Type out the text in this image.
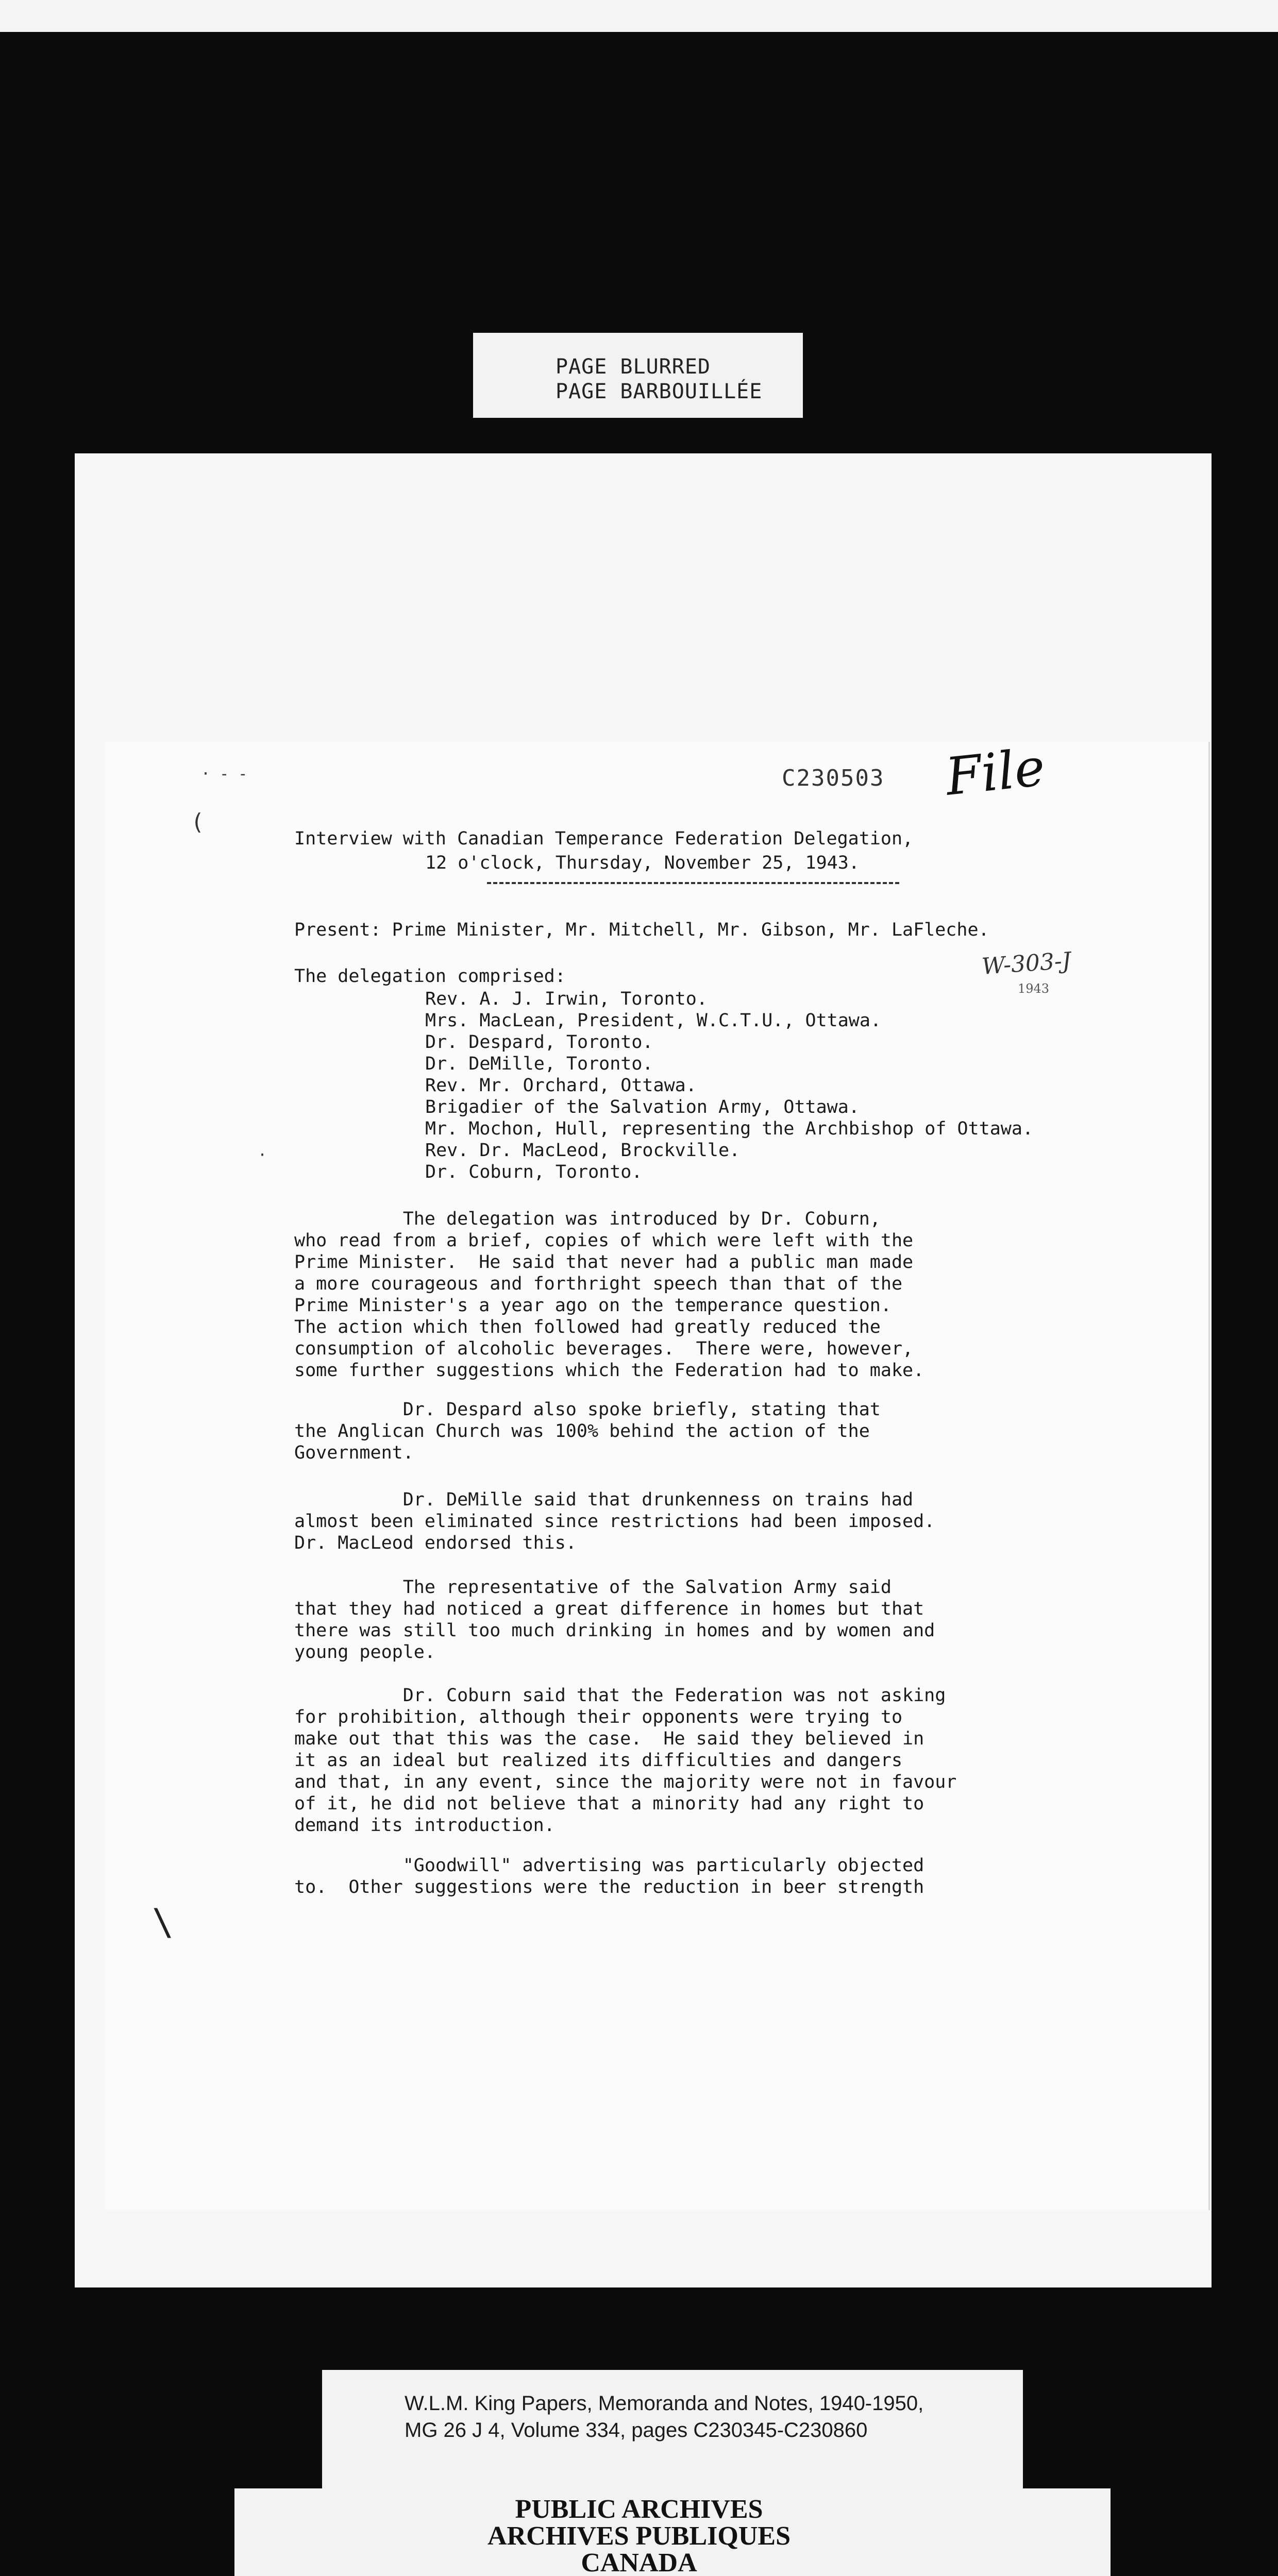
PAGE BLURRED
PAGE BARBOUILLÉE
· - -
(
·
\
C230503 File
W-303-J
1943
Interview with Canadian Temperance Federation Delegation,
12 o'clock, Thursday, November 25, 1943.
Present: Prime Minister, Mr. Mitchell, Mr. Gibson, Mr. LaFleche.
The delegation comprised:
Rev. A. J. Irwin, Toronto.
Mrs. MacLean, President, W.C.T.U., Ottawa.
Dr. Despard, Toronto.
Dr. DeMille, Toronto.
Rev. Mr. Orchard, Ottawa.
Brigadier of the Salvation Army, Ottawa.
Mr. Mochon, Hull, representing the Archbishop of Ottawa.
Rev. Dr. MacLeod, Brockville.
Dr. Coburn, Toronto.
The delegation was introduced by Dr. Coburn,
who read from a brief, copies of which were left with the
Prime Minister.  He said that never had a public man made
a more courageous and forthright speech than that of the
Prime Minister's a year ago on the temperance question.
The action which then followed had greatly reduced the
consumption of alcoholic beverages.  There were, however,
some further suggestions which the Federation had to make.
Dr. Despard also spoke briefly, stating that
the Anglican Church was 100% behind the action of the
Government.
Dr. DeMille said that drunkenness on trains had
almost been eliminated since restrictions had been imposed.
Dr. MacLeod endorsed this.
The representative of the Salvation Army said
that they had noticed a great difference in homes but that
there was still too much drinking in homes and by women and
young people.
Dr. Coburn said that the Federation was not asking
for prohibition, although their opponents were trying to
make out that this was the case.  He said they believed in
it as an ideal but realized its difficulties and dangers
and that, in any event, since the majority were not in favour
of it, he did not believe that a minority had any right to
demand its introduction.
"Goodwill" advertising was particularly objected
to.  Other suggestions were the reduction in beer strength
W.L.M. King Papers, Memoranda and Notes, 1940-1950,
MG 26 J 4, Volume 334, pages C230345-C230860
PUBLIC ARCHIVES
ARCHIVES PUBLIQUES
CANADA
